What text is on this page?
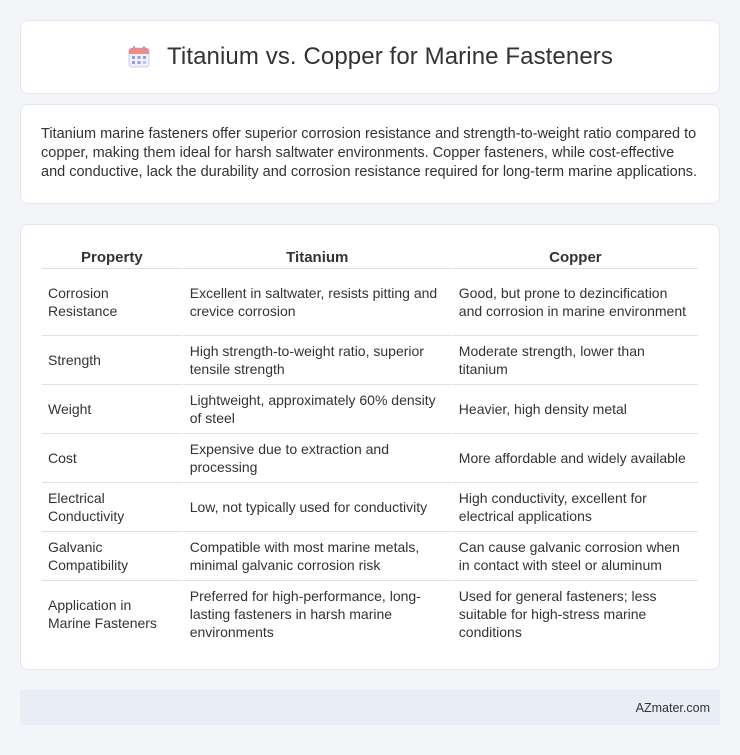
Titanium vs. Copper for Marine Fasteners

Titanium marine fasteners offer superior corrosion resistance and strength-to-weight ratio compared to copper, making them ideal for harsh saltwater environments. Copper fasteners, while cost-effective and conductive, lack the durability and corrosion resistance required for long-term marine applications.

Property	Titanium	Copper
Corrosion Resistance	Excellent in saltwater, resists pitting and crevice corrosion	Good, but prone to dezincification and corrosion in marine environment
Strength	High strength-to-weight ratio, superior tensile strength	Moderate strength, lower than titanium
Weight	Lightweight, approximately 60% density of steel	Heavier, high density metal
Cost	Expensive due to extraction and processing	More affordable and widely available
Electrical Conductivity	Low, not typically used for conductivity	High conductivity, excellent for electrical applications
Galvanic Compatibility	Compatible with most marine metals, minimal galvanic corrosion risk	Can cause galvanic corrosion when in contact with steel or aluminum
Application in Marine Fasteners	Preferred for high-performance, long-lasting fasteners in harsh marine environments	Used for general fasteners; less suitable for high-stress marine conditions
AZmater.com
